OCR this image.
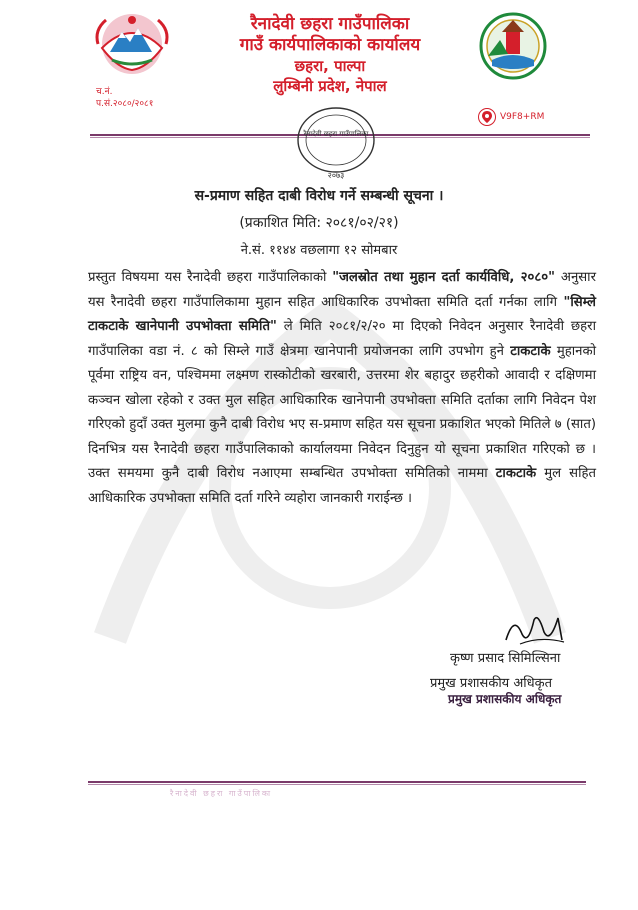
रैनादेवी छहरा गाउँपालिका
गाउँ कार्यपालिकाको कार्यालय
छहरा, पाल्पा
लुम्बिनी प्रदेश, नेपाल
च.नं.
प.सं.२०८०/२०८१
V9F8+RM
रैनादेवी छहरा गाउँपालिका
२०७३
स-प्रमाण सहित दाबी विरोध गर्ने सम्बन्धी सूचना ।
(प्रकाशित मिति: २०८१/०२/२१)
ने.सं. ११४४ वछलागा १२ सोमबार
प्रस्तुत विषयमा यस रैनादेवी छहरा गाउँपालिकाको "जलस्रोत तथा मुहान दर्ता कार्यविधि, २०८०" अनुसार यस रैनादेवी छहरा गाउँपालिकामा मुहान सहित आधिकारिक उपभोक्ता समिति दर्ता गर्नका लागि "सिम्ले टाकटाके खानेपानी उपभोक्ता समिति" ले मिति २०८१/२/२० मा दिएको निवेदन अनुसार रैनादेवी छहरा गाउँपालिका वडा नं. ८ को सिम्ले गाउँ क्षेत्रमा खानेपानी प्रयोजनका लागि उपभोग हुने टाकटाके मुहानको पूर्वमा राष्ट्रिय वन, पश्चिममा लक्ष्मण रास्कोटीको खरबारी, उत्तरमा शेर बहादुर छहरीको आवादी र दक्षिणमा कञ्चन खोला रहेको र उक्त मुल सहित आधिकारिक खानेपानी उपभोक्ता समिति दर्ताका लागि निवेदन पेश गरिएको हुदाँ उक्त मुलमा कुनै दाबी विरोध भए स-प्रमाण सहित यस सूचना प्रकाशित भएको मितिले ७ (सात) दिनभित्र यस रैनादेवी छहरा गाउँपालिकाको कार्यालयमा निवेदन दिनुहुन यो सूचना प्रकाशित गरिएको छ । उक्त समयमा कुनै दाबी विरोध नआएमा सम्बन्धित उपभोक्ता समितिको नाममा टाकटाके मुल सहित आधिकारिक उपभोक्ता समिति दर्ता गरिने व्यहोरा जानकारी गराईन्छ ।
कृष्ण प्रसाद सिमिल्सिना
प्रमुख प्रशासकीय अधिकृत
प्रमुख प्रशासकीय अधिकृत
रैनादेवी छहरा गाउँपालिका
